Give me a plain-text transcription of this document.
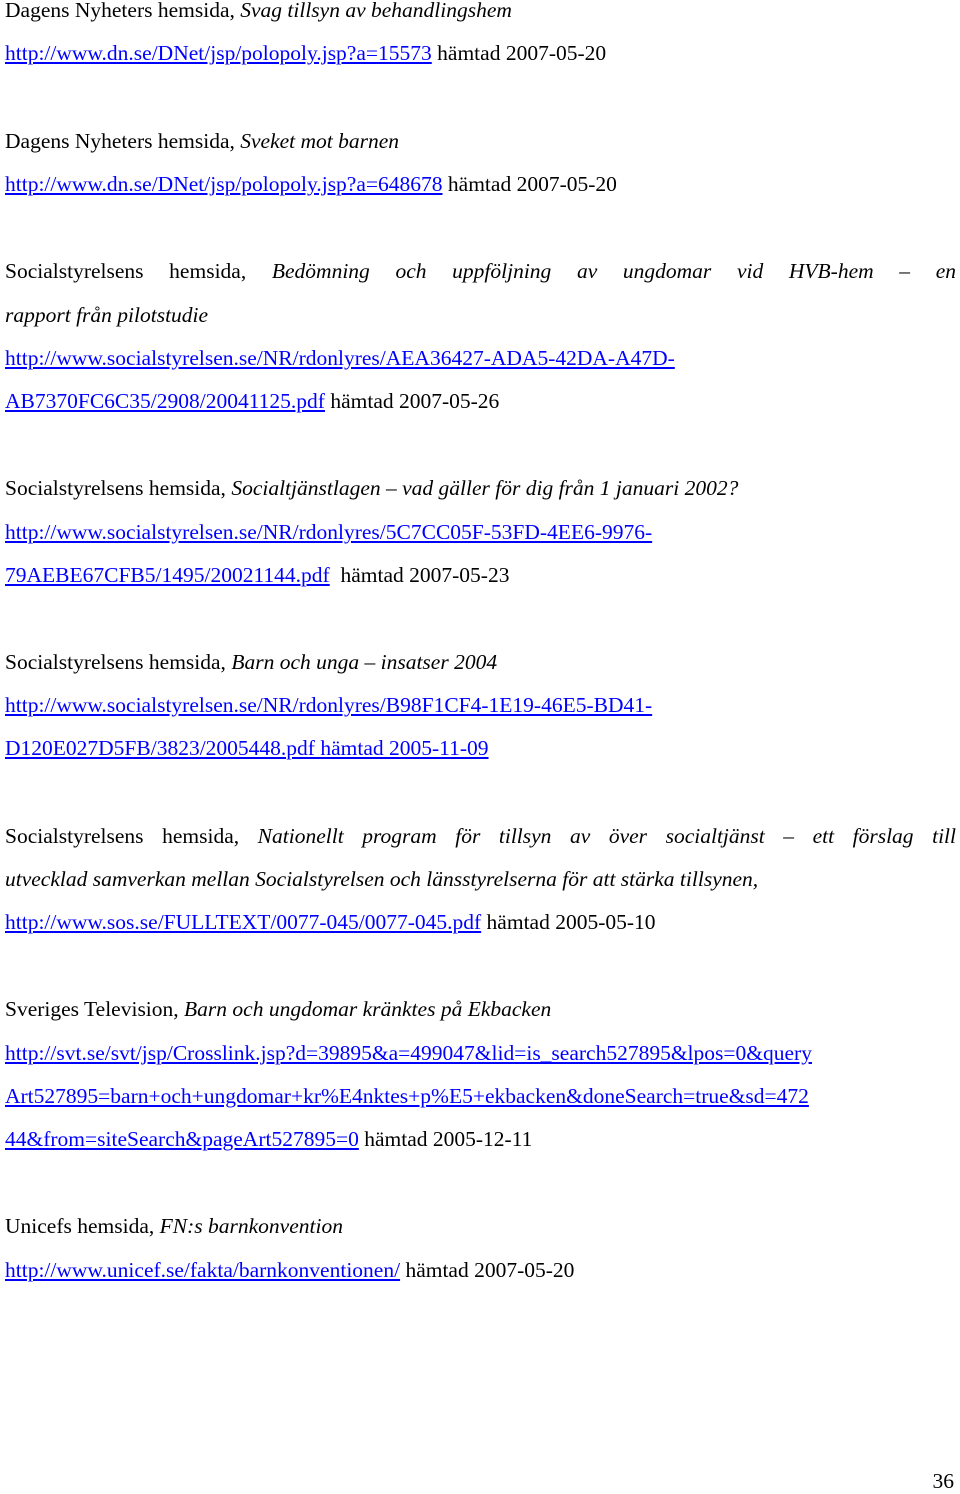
Dagens Nyheters hemsida, Svag tillsyn av behandlingshem
http://www.dn.se/DNet/jsp/polopoly.jsp?a=15573 hämtad 2007-05-20
Dagens Nyheters hemsida, Sveket mot barnen
http://www.dn.se/DNet/jsp/polopoly.jsp?a=648678 hämtad 2007-05-20
Socialstyrelsens hemsida, Bedömning och uppföljning av ungdomar vid HVB-hem – en
rapport från pilotstudie
http://www.socialstyrelsen.se/NR/rdonlyres/AEA36427-ADA5-42DA-A47D-
AB7370FC6C35/2908/20041125.pdf hämtad 2007-05-26
Socialstyrelsens hemsida, Socialtjänstlagen – vad gäller för dig från 1 januari 2002?
http://www.socialstyrelsen.se/NR/rdonlyres/5C7CC05F-53FD-4EE6-9976-
79AEBE67CFB5/1495/20021144.pdf hämtad 2007-05-23
Socialstyrelsens hemsida, Barn och unga – insatser 2004
http://www.socialstyrelsen.se/NR/rdonlyres/B98F1CF4-1E19-46E5-BD41-
D120E027D5FB/3823/2005448.pdf hämtad 2005-11-09
Socialstyrelsens hemsida, Nationellt program för tillsyn av över socialtjänst – ett förslag till
utvecklad samverkan mellan Socialstyrelsen och länsstyrelserna för att stärka tillsynen,
http://www.sos.se/FULLTEXT/0077-045/0077-045.pdf hämtad 2005-05-10
Sveriges Television, Barn och ungdomar kränktes på Ekbacken
http://svt.se/svt/jsp/Crosslink.jsp?d=39895&a=499047&lid=is_search527895&lpos=0&query
Art527895=barn+och+ungdomar+kr%E4nktes+p%E5+ekbacken&doneSearch=true&sd=472
44&from=siteSearch&pageArt527895=0 hämtad 2005-12-11
Unicefs hemsida, FN:s barnkonvention
http://www.unicef.se/fakta/barnkonventionen/ hämtad 2007-05-20
36
